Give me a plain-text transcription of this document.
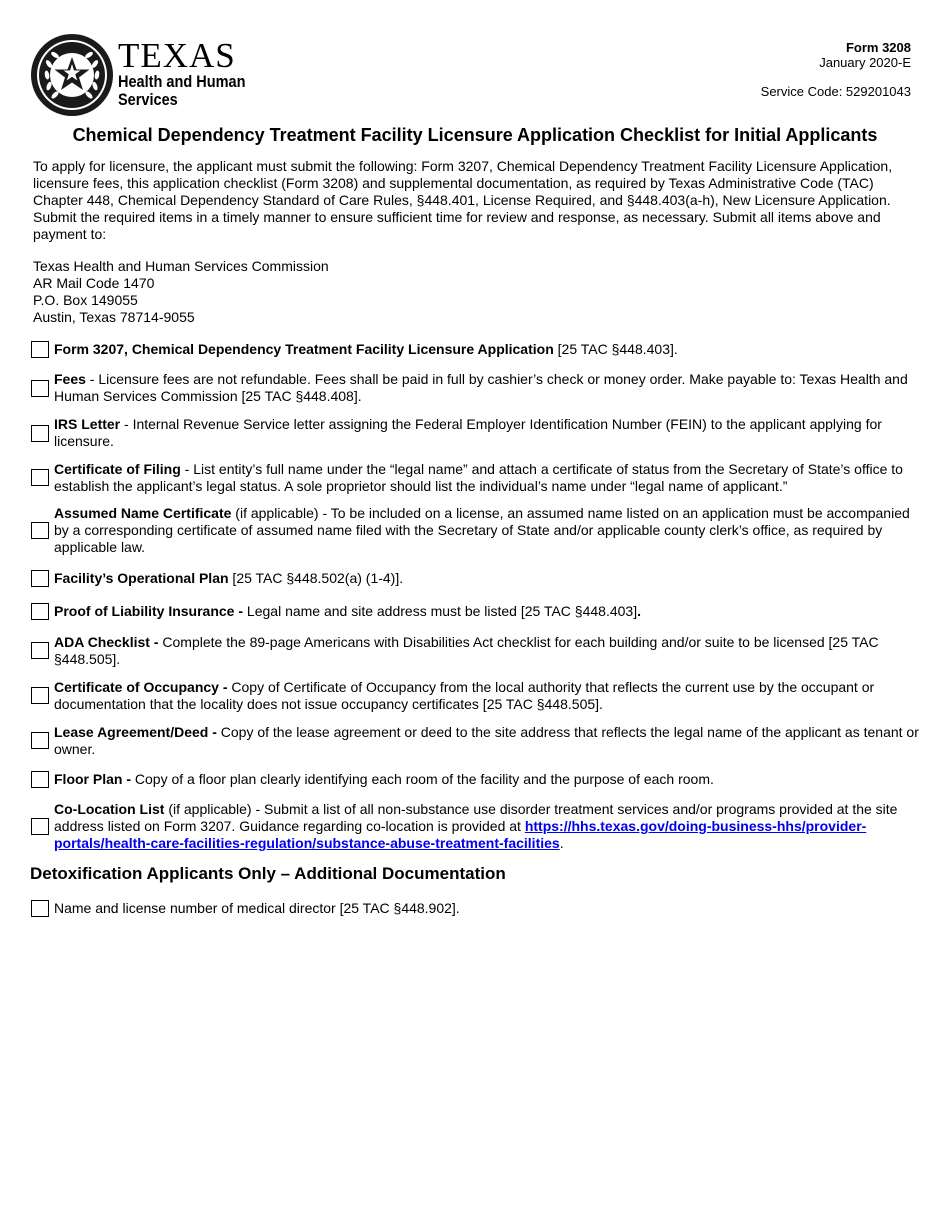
TEXAS
Health and Human
Services
Form 3208
January 2020-E
Service Code: 529201043
Chemical Dependency Treatment Facility Licensure Application Checklist for Initial Applicants
To apply for licensure, the applicant must submit the following: Form 3207, Chemical Dependency Treatment Facility Licensure Application, licensure fees, this application checklist (Form 3208) and supplemental documentation, as required by Texas Administrative Code (TAC) Chapter 448, Chemical Dependency Standard of Care Rules, §448.401, License Required, and §448.403(a-h), New Licensure Application. Submit the required items in a timely manner to ensure sufficient time for review and response, as necessary. Submit all items above and payment to:
Texas Health and Human Services Commission
AR Mail Code 1470
P.O. Box 149055
Austin, Texas 78714-9055
Form 3207, Chemical Dependency Treatment Facility Licensure Application [25 TAC §448.403].
Fees - Licensure fees are not refundable. Fees shall be paid in full by cashier’s check or money order. Make payable to: Texas Health and Human Services Commission [25 TAC §448.408].
IRS Letter - Internal Revenue Service letter assigning the Federal Employer Identification Number (FEIN) to the applicant applying for licensure.
Certificate of Filing - List entity’s full name under the “legal name” and attach a certificate of status from the Secretary of State’s office to establish the applicant’s legal status. A sole proprietor should list the individual’s name under “legal name of applicant.”
Assumed Name Certificate (if applicable) - To be included on a license, an assumed name listed on an application must be accompanied by a corresponding certificate of assumed name filed with the Secretary of State and/or applicable county clerk’s office, as required by applicable law.
Facility’s Operational Plan [25 TAC §448.502(a) (1-4)].
Proof of Liability Insurance - Legal name and site address must be listed [25 TAC §448.403].
ADA Checklist - Complete the 89-page Americans with Disabilities Act checklist for each building and/or suite to be licensed [25 TAC §448.505].
Certificate of Occupancy - Copy of Certificate of Occupancy from the local authority that reflects the current use by the occupant or documentation that the locality does not issue occupancy certificates [25 TAC §448.505].
Lease Agreement/Deed - Copy of the lease agreement or deed to the site address that reflects the legal name of the applicant as tenant or owner.
Floor Plan - Copy of a floor plan clearly identifying each room of the facility and the purpose of each room.
Co-Location List (if applicable) - Submit a list of all non-substance use disorder treatment services and/or programs provided at the site address listed on Form 3207. Guidance regarding co-location is provided at https://hhs.texas.gov/doing-business-hhs/provider-portals/health-care-facilities-regulation/substance-abuse-treatment-facilities.
Detoxification Applicants Only – Additional Documentation
Name and license number of medical director [25 TAC §448.902].
